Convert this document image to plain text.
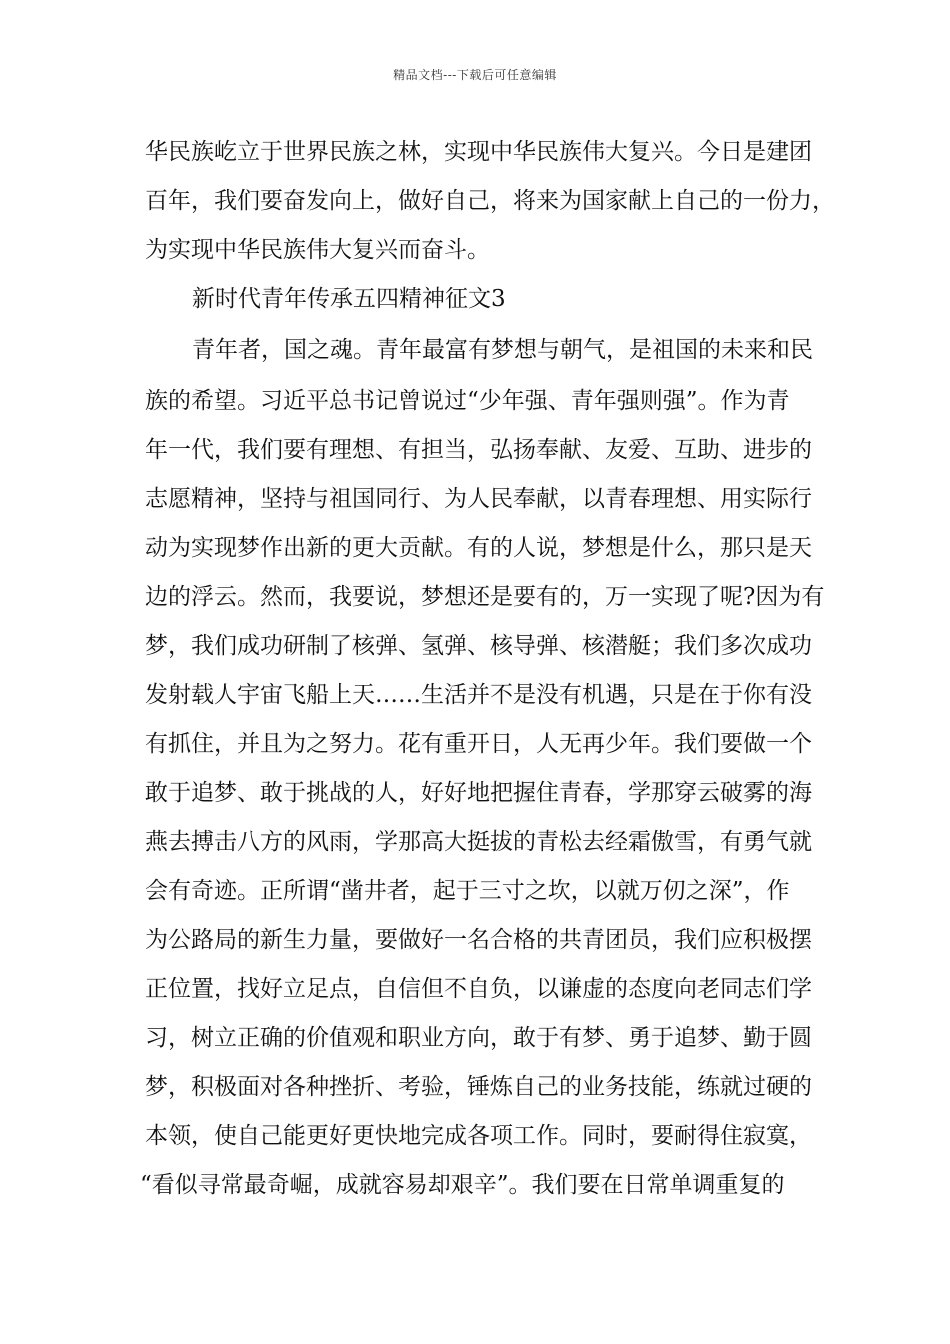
精品文档---下载后可任意编辑
华民族屹立于世界民族之林，实现中华民族伟大复兴。今日是建团
百年，我们要奋发向上，做好自己，将来为国家献上自己的一份力，
为实现中华民族伟大复兴而奋斗。
新时代青年传承五四精神征文3
青年者，国之魂。青年最富有梦想与朝气，是祖国的未来和民
族的希望。习近平总书记曾说过“少年强、青年强则强”。作为青
年一代，我们要有理想、有担当，弘扬奉献、友爱、互助、进步的
志愿精神，坚持与祖国同行、为人民奉献，以青春理想、用实际行
动为实现梦作出新的更大贡献。有的人说，梦想是什么，那只是天
边的浮云。然而，我要说，梦想还是要有的，万一实现了呢?因为有
梦，我们成功研制了核弹、氢弹、核导弹、核潜艇；我们多次成功
发射载人宇宙飞船上天……生活并不是没有机遇，只是在于你有没
有抓住，并且为之努力。花有重开日，人无再少年。我们要做一个
敢于追梦、敢于挑战的人，好好地把握住青春，学那穿云破雾的海
燕去搏击八方的风雨，学那高大挺拔的青松去经霜傲雪，有勇气就
会有奇迹。正所谓“凿井者，起于三寸之坎，以就万仞之深”，作
为公路局的新生力量，要做好一名合格的共青团员，我们应积极摆
正位置，找好立足点，自信但不自负，以谦虚的态度向老同志们学
习，树立正确的价值观和职业方向，敢于有梦、勇于追梦、勤于圆
梦，积极面对各种挫折、考验，锤炼自己的业务技能，练就过硬的
本领，使自己能更好更快地完成各项工作。同时，要耐得住寂寞，
“看似寻常最奇崛，成就容易却艰辛”。我们要在日常单调重复的
